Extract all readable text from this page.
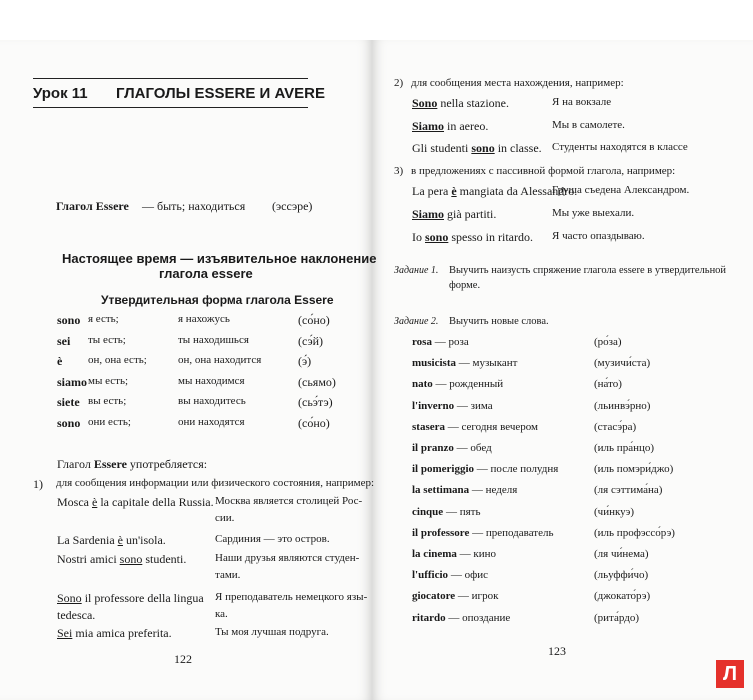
Урок 11 ГЛАГОЛЫ ESSERE И AVERE
Глагол Essere — быть; находиться (эссэре)
Настоящее время — изъявительное наклонение
глагола essere
Утвердительная форма глагола Essere
sono я есть;	я нахожусь	(со́но)
sei ты есть;	ты находишься	(сэ́й)
è он, она есть;	он, она находится	(э́)
siamo мы есть;	мы находимся	(сьямо)
siete вы есть;	вы находитесь	(сьэ́тэ)
sono они есть;	они находятся	(со́но)
Глагол Essere употребляется:
1) для сообщения информации или физического состояния, например:
Mosca è la capitale della Russia. Москва является столицей Рос-
сии.
La Sardenia è un'isola.	Сардиния — это остров.
Nostri amici sono studenti.	Наши друзья являются студен-
тами.
Sono il professore della lingua
tedesca.
Я преподаватель немецкого язы-
ка.
Sei mia amica preferita.	Ты моя лучшая подруга.
122
2) для сообщения места нахождения, например:
Sono nella stazione.	Я на вокзале
Siamo in aereo.	Мы в самолете.
Gli studenti sono in classe. Студенты находятся в классе
3) в предложениях с пассивной формой глагола, например:
La pera è mangiata da Alessandro.
Груша съедена Александром.
Siamo già partiti.	Мы уже выехали.
Io sono spesso in ritardo. Я часто опаздываю.
Задание 1. Выучить наизусть спряжение глагола essere в утвердительной
форме.
Задание 2. Выучить новые слова.
rosa — роза	(ро́за)
musicista — музыкант	(музичи́ста)
nato — рожденный	(на́то)
l'inverno — зима	(льинвэ́рно)
stasera — сегодня вечером	(стасэ́ра)
il pranzo — обед	(иль пра́нцо)
il pomeriggio — после полудня	(иль помэри́джо)
la settimana — неделя	(ля сэттима́на)
cinque — пять	(чи́нкуэ)
il professore — преподаватель	(иль профэссо́рэ)
la cinema — кино	(ля чи́нема)
l'ufficio — офис	(льуффи́чо)
giocatore — игрок	(джокато́рэ)
ritardo — опоздание	(рита́рдо)
123
Л
